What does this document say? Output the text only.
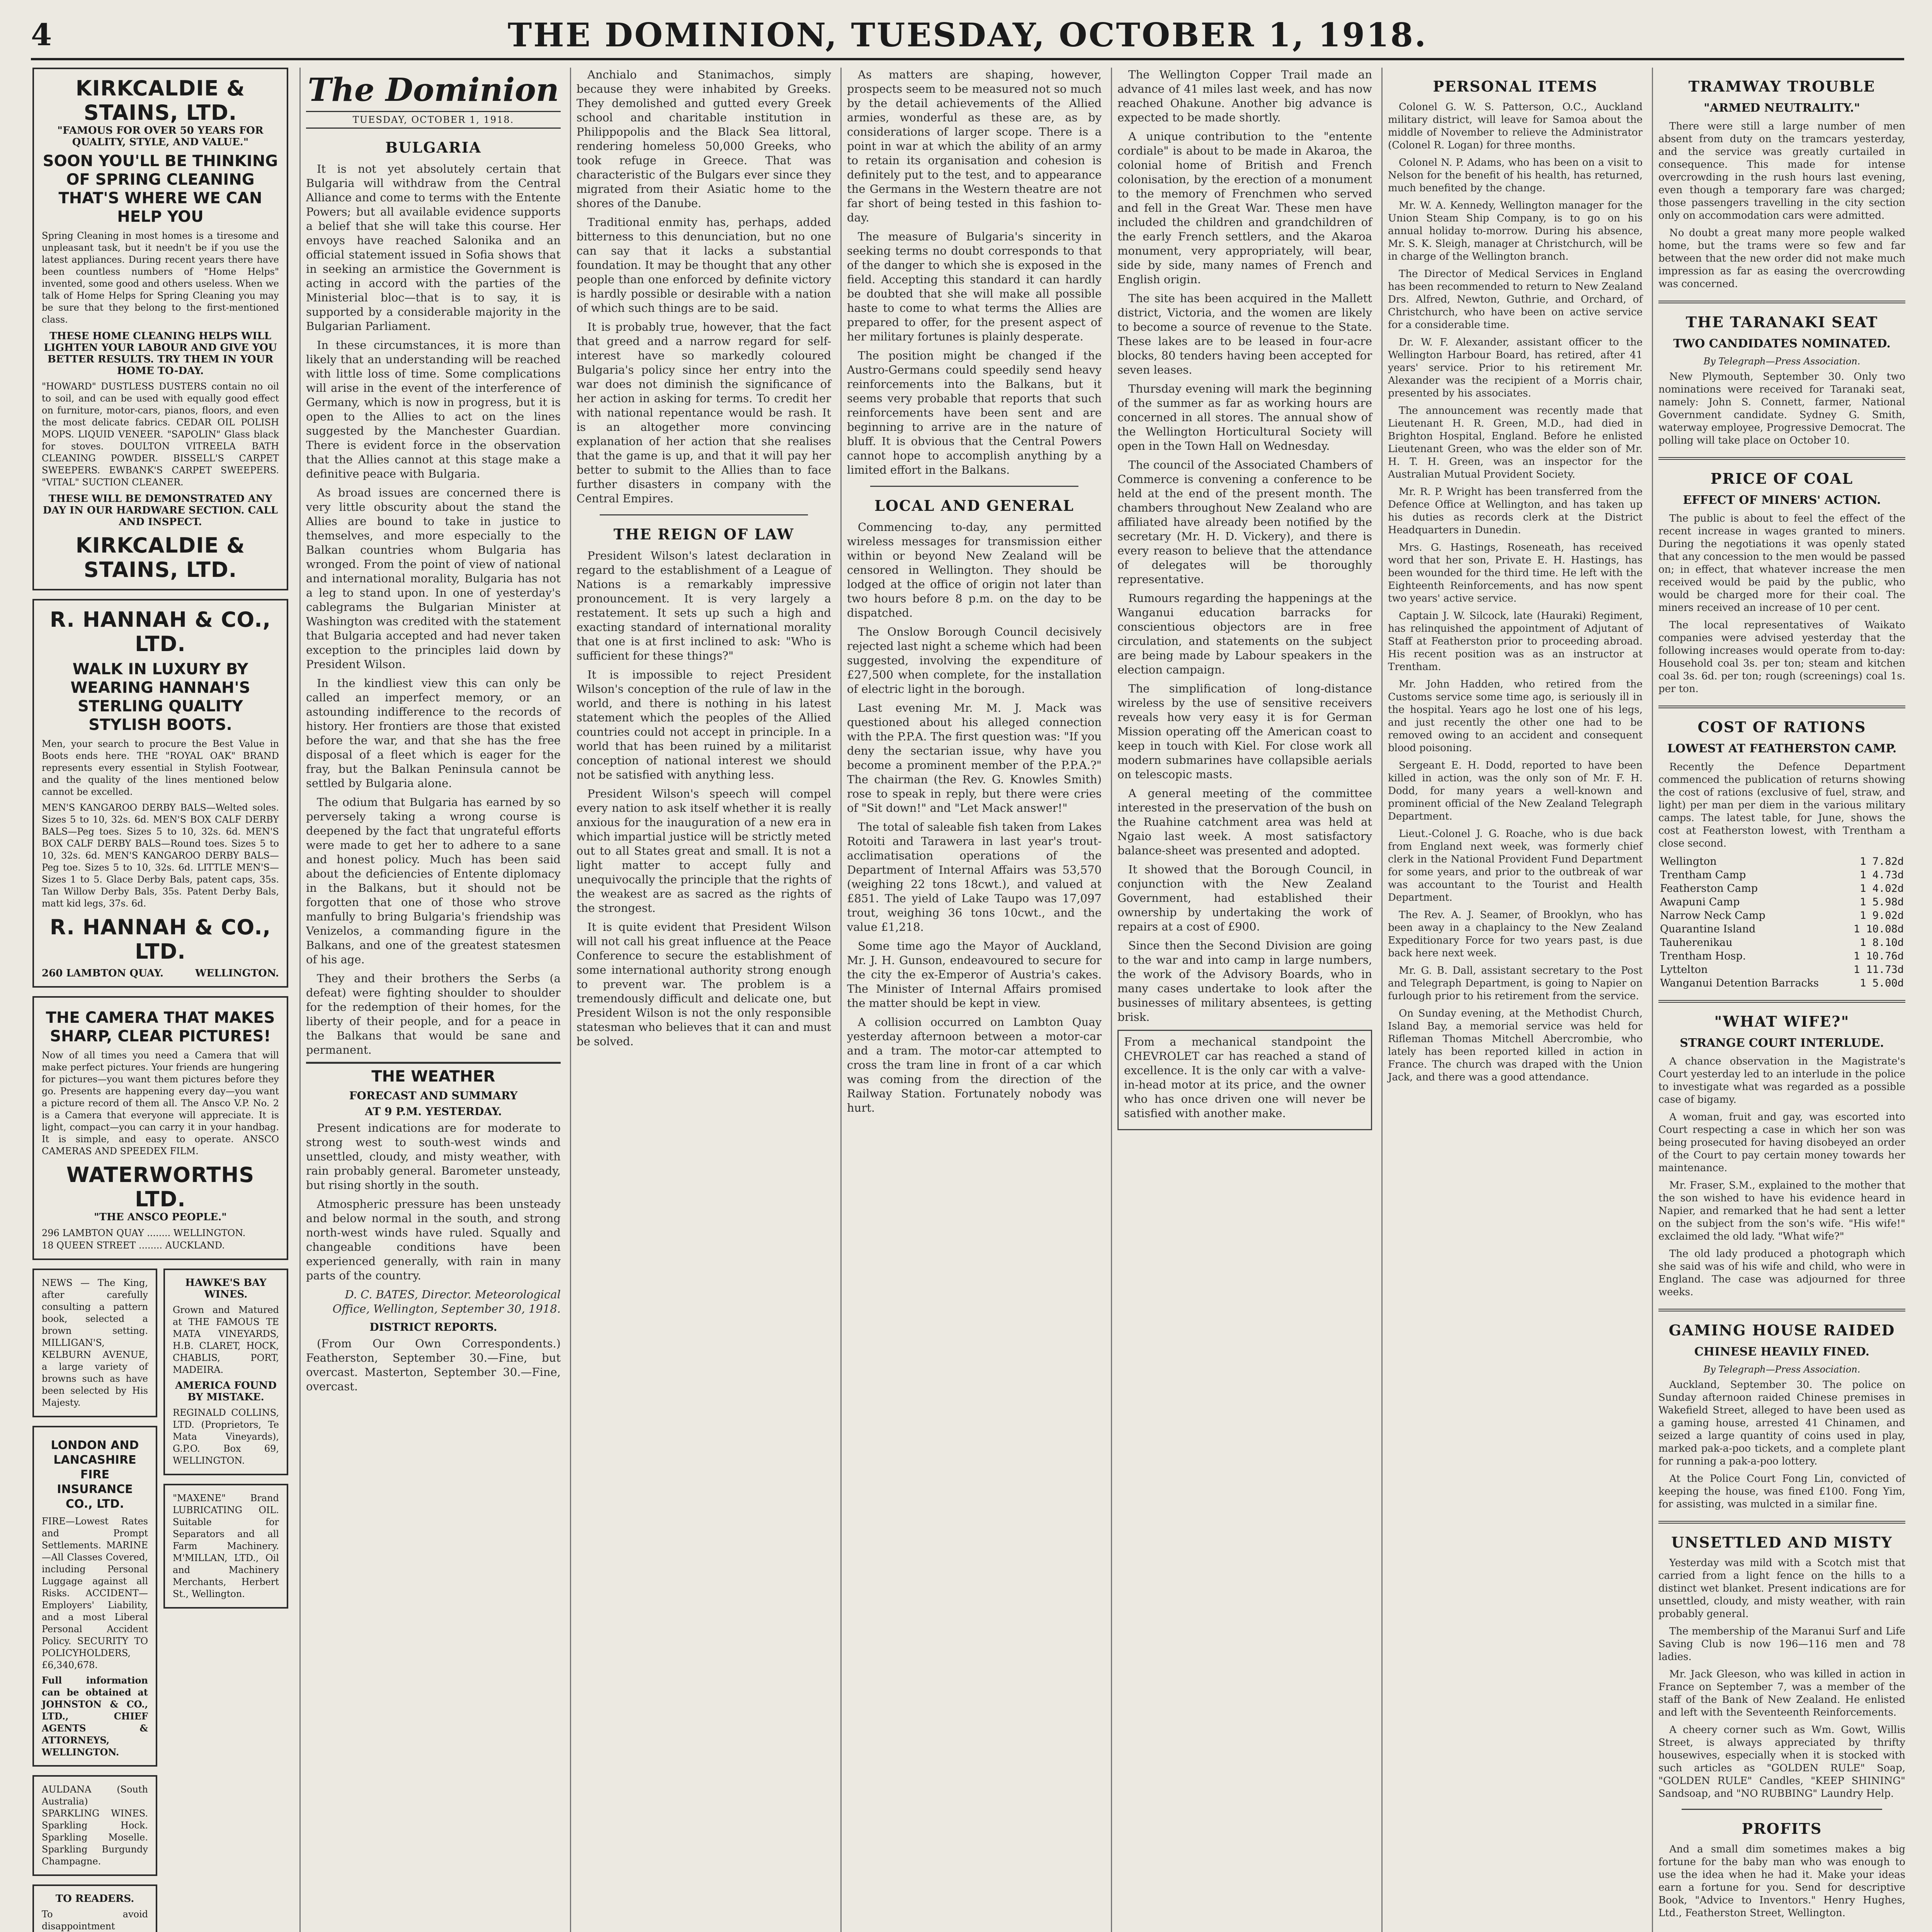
4	THE DOMINION, TUESDAY, OCTOBER 1, 1918.
KIRKCALDIE & STAINS, LTD.
"FAMOUS FOR OVER 50 YEARS FOR QUALITY, STYLE, AND VALUE."
SOON YOU'LL BE THINKING OF SPRING CLEANING THAT'S WHERE WE CAN HELP YOU
Spring Cleaning in most homes is a tiresome and unpleasant task, but it needn't be if you use the latest appliances. During recent years there have been countless numbers of "Home Helps" invented, some good and others useless. When we talk of Home Helps for Spring Cleaning you may be sure that they belong to the first-mentioned class.
THESE HOME CLEANING HELPS WILL LIGHTEN YOUR LABOUR AND GIVE YOU BETTER RESULTS. TRY THEM IN YOUR HOME TO-DAY.
"HOWARD" DUSTLESS DUSTERS contain no oil to soil, and can be used with equally good effect on furniture, motor-cars, pianos, floors, and even the most delicate fabrics. CEDAR OIL POLISH MOPS. LIQUID VENEER. "SAPOLIN" Glass black for stoves. DOULTON VITREELA BATH CLEANING POWDER. BISSELL'S CARPET SWEEPERS. EWBANK'S CARPET SWEEPERS. "VITAL" SUCTION CLEANER.
THESE WILL BE DEMONSTRATED ANY DAY IN OUR HARDWARE SECTION. CALL AND INSPECT.
KIRKCALDIE & STAINS, LTD.
R. HANNAH & CO., LTD.
WALK IN LUXURY BY WEARING HANNAH'S STERLING QUALITY STYLISH BOOTS.
Men, your search to procure the Best Value in Boots ends here. THE "ROYAL OAK" BRAND represents every essential in Stylish Footwear, and the quality of the lines mentioned below cannot be excelled.
MEN'S KANGAROO DERBY BALS—Welted soles. Sizes 5 to 10, 32s. 6d. MEN'S BOX CALF DERBY BALS—Peg toes. Sizes 5 to 10, 32s. 6d. MEN'S BOX CALF DERBY BALS—Round toes. Sizes 5 to 10, 32s. 6d. MEN'S KANGAROO DERBY BALS—Peg toe. Sizes 5 to 10, 32s. 6d. LITTLE MEN'S—Sizes 1 to 5. Glace Derby Bals, patent caps, 35s. Tan Willow Derby Bals, 35s. Patent Derby Bals, matt kid legs, 37s. 6d.
R. HANNAH & CO., LTD.
260 LAMBTON QUAY.	WELLINGTON.
THE CAMERA THAT MAKES SHARP, CLEAR PICTURES!
Now of all times you need a Camera that will make perfect pictures. Your friends are hungering for pictures—you want them pictures before they go. Presents are happening every day—you want a picture record of them all. The Ansco V.P. No. 2 is a Camera that everyone will appreciate. It is light, compact—you can carry it in your handbag. It is simple, and easy to operate. ANSCO CAMERAS AND SPEEDEX FILM.
WATERWORTHS LTD.
"THE ANSCO PEOPLE."
296 LAMBTON QUAY ........ WELLINGTON.
18 QUEEN STREET ........ AUCKLAND.
NEWS — The King, after carefully consulting a pattern book, selected a brown setting. MILLIGAN'S, KELBURN AVENUE, a large variety of browns such as have been selected by His Majesty.
LONDON AND LANCASHIRE FIRE INSURANCE CO., LTD.
FIRE—Lowest Rates and Prompt Settlements. MARINE—All Classes Covered, including Personal Luggage against all Risks. ACCIDENT—Employers' Liability, and a most Liberal Personal Accident Policy. SECURITY TO POLICYHOLDERS, £6,340,678.
Full information can be obtained at JOHNSTON & CO., LTD., CHIEF AGENTS & ATTORNEYS, WELLINGTON.
AULDANA (South Australia) SPARKLING WINES. Sparkling Hock. Sparkling Moselle. Sparkling Burgundy Champagne.
TO READERS.
To avoid disappointment
HAWKE'S BAY WINES.
Grown and Matured at THE FAMOUS TE MATA VINEYARDS, H.B. CLARET, HOCK, CHABLIS, PORT, MADEIRA.
AMERICA FOUND BY MISTAKE.
REGINALD COLLINS, LTD. (Proprietors, Te Mata Vineyards), G.P.O. Box 69, WELLINGTON.
"MAXENE" Brand LUBRICATING OIL. Suitable for Separators and all Farm Machinery. M'MILLAN, LTD., Oil and Machinery Merchants, Herbert St., Wellington.
The Dominion
TUESDAY, OCTOBER 1, 1918.
BULGARIA

It is not yet absolutely certain that Bulgaria will withdraw from the Central Alliance and come to terms with the Entente Powers; but all available evidence supports a belief that she will take this course. Her envoys have reached Salonika and an official statement issued in Sofia shows that in seeking an armistice the Government is acting in accord with the parties of the Ministerial bloc—that is to say, it is supported by a considerable majority in the Bulgarian Parliament.

In these circumstances, it is more than likely that an understanding will be reached with little loss of time. Some complications will arise in the event of the interference of Germany, which is now in progress, but it is open to the Allies to act on the lines suggested by the Manchester Guardian. There is evident force in the observation that the Allies cannot at this stage make a definitive peace with Bulgaria.

As broad issues are concerned there is very little obscurity about the stand the Allies are bound to take in justice to themselves, and more especially to the Balkan countries whom Bulgaria has wronged. From the point of view of national and international morality, Bulgaria has not a leg to stand upon. In one of yesterday's cablegrams the Bulgarian Minister at Washington was credited with the statement that Bulgaria accepted and had never taken exception to the principles laid down by President Wilson.

In the kindliest view this can only be called an imperfect memory, or an astounding indifference to the records of history. Her frontiers are those that existed before the war, and that she has the free disposal of a fleet which is eager for the fray, but the Balkan Peninsula cannot be settled by Bulgaria alone.

The odium that Bulgaria has earned by so perversely taking a wrong course is deepened by the fact that ungrateful efforts were made to get her to adhere to a sane and honest policy. Much has been said about the deficiencies of Entente diplomacy in the Balkans, but it should not be forgotten that one of those who strove manfully to bring Bulgaria's friendship was Venizelos, a commanding figure in the Balkans, and one of the greatest statesmen of his age.

They and their brothers the Serbs (a defeat) were fighting shoulder to shoulder for the redemption of their homes, for the liberty of their people, and for a peace in the Balkans that would be sane and permanent.

THE WEATHER
FORECAST AND SUMMARY
AT 9 P.M. YESTERDAY.

Present indications are for moderate to strong west to south-west winds and unsettled, cloudy, and misty weather, with rain probably general. Barometer unsteady, but rising shortly in the south.

Atmospheric pressure has been unsteady and below normal in the south, and strong north-west winds have ruled. Squally and changeable conditions have been experienced generally, with rain in many parts of the country.

D. C. BATES, Director. Meteorological Office, Wellington, September 30, 1918.

DISTRICT REPORTS.

(From Our Own Correspondents.) Featherston, September 30.—Fine, but overcast. Masterton, September 30.—Fine, overcast.

Anchialo and Stanimachos, simply because they were inhabited by Greeks. They demolished and gutted every Greek school and charitable institution in Philippopolis and the Black Sea littoral, rendering homeless 50,000 Greeks, who took refuge in Greece. That was characteristic of the Bulgars ever since they migrated from their Asiatic home to the shores of the Danube.

Traditional enmity has, perhaps, added bitterness to this denunciation, but no one can say that it lacks a substantial foundation. It may be thought that any other people than one enforced by definite victory is hardly possible or desirable with a nation of which such things are to be said.

It is probably true, however, that the fact that greed and a narrow regard for self-interest have so markedly coloured Bulgaria's policy since her entry into the war does not diminish the significance of her action in asking for terms. To credit her with national repentance would be rash. It is an altogether more convincing explanation of her action that she realises that the game is up, and that it will pay her better to submit to the Allies than to face further disasters in company with the Central Empires.

THE REIGN OF LAW

President Wilson's latest declaration in regard to the establishment of a League of Nations is a remarkably impressive pronouncement. It is very largely a restatement. It sets up such a high and exacting standard of international morality that one is at first inclined to ask: "Who is sufficient for these things?"

It is impossible to reject President Wilson's conception of the rule of law in the world, and there is nothing in his latest statement which the peoples of the Allied countries could not accept in principle. In a world that has been ruined by a militarist conception of national interest we should not be satisfied with anything less.

President Wilson's speech will compel every nation to ask itself whether it is really anxious for the inauguration of a new era in which impartial justice will be strictly meted out to all States great and small. It is not a light matter to accept fully and unequivocally the principle that the rights of the weakest are as sacred as the rights of the strongest.

It is quite evident that President Wilson will not call his great influence at the Peace Conference to secure the establishment of some international authority strong enough to prevent war. The problem is a tremendously difficult and delicate one, but President Wilson is not the only responsible statesman who believes that it can and must be solved.

As matters are shaping, however, prospects seem to be measured not so much by the detail achievements of the Allied armies, wonderful as these are, as by considerations of larger scope. There is a point in war at which the ability of an army to retain its organisation and cohesion is definitely put to the test, and to appearance the Germans in the Western theatre are not far short of being tested in this fashion to-day.

The measure of Bulgaria's sincerity in seeking terms no doubt corresponds to that of the danger to which she is exposed in the field. Accepting this standard it can hardly be doubted that she will make all possible haste to come to what terms the Allies are prepared to offer, for the present aspect of her military fortunes is plainly desperate.

The position might be changed if the Austro-Germans could speedily send heavy reinforcements into the Balkans, but it seems very probable that reports that such reinforcements have been sent and are beginning to arrive are in the nature of bluff. It is obvious that the Central Powers cannot hope to accomplish anything by a limited effort in the Balkans.

LOCAL AND GENERAL

Commencing to-day, any permitted wireless messages for transmission either within or beyond New Zealand will be censored in Wellington. They should be lodged at the office of origin not later than two hours before 8 p.m. on the day to be dispatched.

The Onslow Borough Council decisively rejected last night a scheme which had been suggested, involving the expenditure of £27,500 when complete, for the installation of electric light in the borough.

Last evening Mr. M. J. Mack was questioned about his alleged connection with the P.P.A. The first question was: "If you deny the sectarian issue, why have you become a prominent member of the P.P.A.?" The chairman (the Rev. G. Knowles Smith) rose to speak in reply, but there were cries of "Sit down!" and "Let Mack answer!"

The total of saleable fish taken from Lakes Rotoiti and Tarawera in last year's trout-acclimatisation operations of the Department of Internal Affairs was 53,570 (weighing 22 tons 18cwt.), and valued at £851. The yield of Lake Taupo was 17,097 trout, weighing 36 tons 10cwt., and the value £1,218.

Some time ago the Mayor of Auckland, Mr. J. H. Gunson, endeavoured to secure for the city the ex-Emperor of Austria's cakes. The Minister of Internal Affairs promised the matter should be kept in view.

A collision occurred on Lambton Quay yesterday afternoon between a motor-car and a tram. The motor-car attempted to cross the tram line in front of a car which was coming from the direction of the Railway Station. Fortunately nobody was hurt.

The Wellington Copper Trail made an advance of 41 miles last week, and has now reached Ohakune. Another big advance is expected to be made shortly.

A unique contribution to the "entente cordiale" is about to be made in Akaroa, the colonial home of British and French colonisation, by the erection of a monument to the memory of Frenchmen who served and fell in the Great War. These men have included the children and grandchildren of the early French settlers, and the Akaroa monument, very appropriately, will bear, side by side, many names of French and English origin.

The site has been acquired in the Mallett district, Victoria, and the women are likely to become a source of revenue to the State. These lakes are to be leased in four-acre blocks, 80 tenders having been accepted for seven leases.

Thursday evening will mark the beginning of the summer as far as working hours are concerned in all stores. The annual show of the Wellington Horticultural Society will open in the Town Hall on Wednesday.

The council of the Associated Chambers of Commerce is convening a conference to be held at the end of the present month. The chambers throughout New Zealand who are affiliated have already been notified by the secretary (Mr. H. D. Vickery), and there is every reason to believe that the attendance of delegates will be thoroughly representative.

Rumours regarding the happenings at the Wanganui education barracks for conscientious objectors are in free circulation, and statements on the subject are being made by Labour speakers in the election campaign.

The simplification of long-distance wireless by the use of sensitive receivers reveals how very easy it is for German Mission operating off the American coast to keep in touch with Kiel. For close work all modern submarines have collapsible aerials on telescopic masts.

A general meeting of the committee interested in the preservation of the bush on the Ruahine catchment area was held at Ngaio last week. A most satisfactory balance-sheet was presented and adopted.

It showed that the Borough Council, in conjunction with the New Zealand Government, had established their ownership by undertaking the work of repairs at a cost of £900.

Since then the Second Division are going to the war and into camp in large numbers, the work of the Advisory Boards, who in many cases undertake to look after the businesses of military absentees, is getting brisk.

From a mechanical standpoint the CHEVROLET car has reached a stand of excellence. It is the only car with a valve-in-head motor at its price, and the owner who has once driven one will never be satisfied with another make.

PERSONAL ITEMS

Colonel G. W. S. Patterson, O.C., Auckland military district, will leave for Samoa about the middle of November to relieve the Administrator (Colonel R. Logan) for three months.

Colonel N. P. Adams, who has been on a visit to Nelson for the benefit of his health, has returned, much benefited by the change.

Mr. W. A. Kennedy, Wellington manager for the Union Steam Ship Company, is to go on his annual holiday to-morrow. During his absence, Mr. S. K. Sleigh, manager at Christchurch, will be in charge of the Wellington branch.

The Director of Medical Services in England has been recommended to return to New Zealand Drs. Alfred, Newton, Guthrie, and Orchard, of Christchurch, who have been on active service for a considerable time.

Dr. W. F. Alexander, assistant officer to the Wellington Harbour Board, has retired, after 41 years' service. Prior to his retirement Mr. Alexander was the recipient of a Morris chair, presented by his associates.

The announcement was recently made that Lieutenant H. R. Green, M.D., had died in Brighton Hospital, England. Before he enlisted Lieutenant Green, who was the elder son of Mr. H. T. H. Green, was an inspector for the Australian Mutual Provident Society.

Mr. R. P. Wright has been transferred from the Defence Office at Wellington, and has taken up his duties as records clerk at the District Headquarters in Dunedin.

Mrs. G. Hastings, Roseneath, has received word that her son, Private E. H. Hastings, has been wounded for the third time. He left with the Eighteenth Reinforcements, and has now spent two years' active service.

Captain J. W. Silcock, late (Hauraki) Regiment, has relinquished the appointment of Adjutant of Staff at Featherston prior to proceeding abroad. His recent position was as an instructor at Trentham.

Mr. John Hadden, who retired from the Customs service some time ago, is seriously ill in the hospital. Years ago he lost one of his legs, and just recently the other one had to be removed owing to an accident and consequent blood poisoning.

Sergeant E. H. Dodd, reported to have been killed in action, was the only son of Mr. F. H. Dodd, for many years a well-known and prominent official of the New Zealand Telegraph Department.

Lieut.-Colonel J. G. Roache, who is due back from England next week, was formerly chief clerk in the National Provident Fund Department for some years, and prior to the outbreak of war was accountant to the Tourist and Health Department.

The Rev. A. J. Seamer, of Brooklyn, who has been away in a chaplaincy to the New Zealand Expeditionary Force for two years past, is due back here next week.

Mr. G. B. Dall, assistant secretary to the Post and Telegraph Department, is going to Napier on furlough prior to his retirement from the service.

On Sunday evening, at the Methodist Church, Island Bay, a memorial service was held for Rifleman Thomas Mitchell Abercrombie, who lately has been reported killed in action in France. The church was draped with the Union Jack, and there was a good attendance.

TRAMWAY TROUBLE
"ARMED NEUTRALITY."

There were still a large number of men absent from duty on the tramcars yesterday, and the service was greatly curtailed in consequence. This made for intense overcrowding in the rush hours last evening, even though a temporary fare was charged; those passengers travelling in the city section only on accommodation cars were admitted.

No doubt a great many more people walked home, but the trams were so few and far between that the new order did not make much impression as far as easing the overcrowding was concerned.

THE TARANAKI SEAT
TWO CANDIDATES NOMINATED.
By Telegraph—Press Association.

New Plymouth, September 30. Only two nominations were received for Taranaki seat, namely: John S. Connett, farmer, National Government candidate. Sydney G. Smith, waterway employee, Progressive Democrat. The polling will take place on October 10.

PRICE OF COAL
EFFECT OF MINERS' ACTION.

The public is about to feel the effect of the recent increase in wages granted to miners. During the negotiations it was openly stated that any concession to the men would be passed on; in effect, that whatever increase the men received would be paid by the public, who would be charged more for their coal. The miners received an increase of 10 per cent.

The local representatives of Waikato companies were advised yesterday that the following increases would operate from to-day: Household coal 3s. per ton; steam and kitchen coal 3s. 6d. per ton; rough (screenings) coal 1s. per ton.

COST OF RATIONS
LOWEST AT FEATHERSTON CAMP.

Recently the Defence Department commenced the publication of returns showing the cost of rations (exclusive of fuel, straw, and light) per man per diem in the various military camps. The latest table, for June, shows the cost at Featherston lowest, with Trentham a close second.

Wellington	1 7.82d
Trentham Camp	1 4.73d
Featherston Camp	1 4.02d
Awapuni Camp	1 5.98d
Narrow Neck Camp	1 9.02d
Quarantine Island	1 10.08d
Tauherenikau	1 8.10d
Trentham Hosp.	1 10.76d
Lyttelton	1 11.73d
Wanganui Detention Barracks	1 5.00d
"WHAT WIFE?"
STRANGE COURT INTERLUDE.

A chance observation in the Magistrate's Court yesterday led to an interlude in the police to investigate what was regarded as a possible case of bigamy.

A woman, fruit and gay, was escorted into Court respecting a case in which her son was being prosecuted for having disobeyed an order of the Court to pay certain money towards her maintenance.

Mr. Fraser, S.M., explained to the mother that the son wished to have his evidence heard in Napier, and remarked that he had sent a letter on the subject from the son's wife. "His wife!" exclaimed the old lady. "What wife?"

The old lady produced a photograph which she said was of his wife and child, who were in England. The case was adjourned for three weeks.

GAMING HOUSE RAIDED
CHINESE HEAVILY FINED.
By Telegraph—Press Association.

Auckland, September 30. The police on Sunday afternoon raided Chinese premises in Wakefield Street, alleged to have been used as a gaming house, arrested 41 Chinamen, and seized a large quantity of coins used in play, marked pak-a-poo tickets, and a complete plant for running a pak-a-poo lottery.

At the Police Court Fong Lin, convicted of keeping the house, was fined £100. Fong Yim, for assisting, was mulcted in a similar fine.

UNSETTLED AND MISTY

Yesterday was mild with a Scotch mist that carried from a light fence on the hills to a distinct wet blanket. Present indications are for unsettled, cloudy, and misty weather, with rain probably general.

The membership of the Maranui Surf and Life Saving Club is now 196—116 men and 78 ladies.

Mr. Jack Gleeson, who was killed in action in France on September 7, was a member of the staff of the Bank of New Zealand. He enlisted and left with the Seventeenth Reinforcements.

A cheery corner such as Wm. Gowt, Willis Street, is always appreciated by thrifty housewives, especially when it is stocked with such articles as "GOLDEN RULE" Soap, "GOLDEN RULE" Candles, "KEEP SHINING" Sandsoap, and "NO RUBBING" Laundry Help.

PROFITS

And a small dim sometimes makes a big fortune for the baby man who was enough to use the idea when he had it. Make your ideas earn a fortune for you. Send for descriptive Book, "Advice to Inventors." Henry Hughes, Ltd., Featherston Street, Wellington.
